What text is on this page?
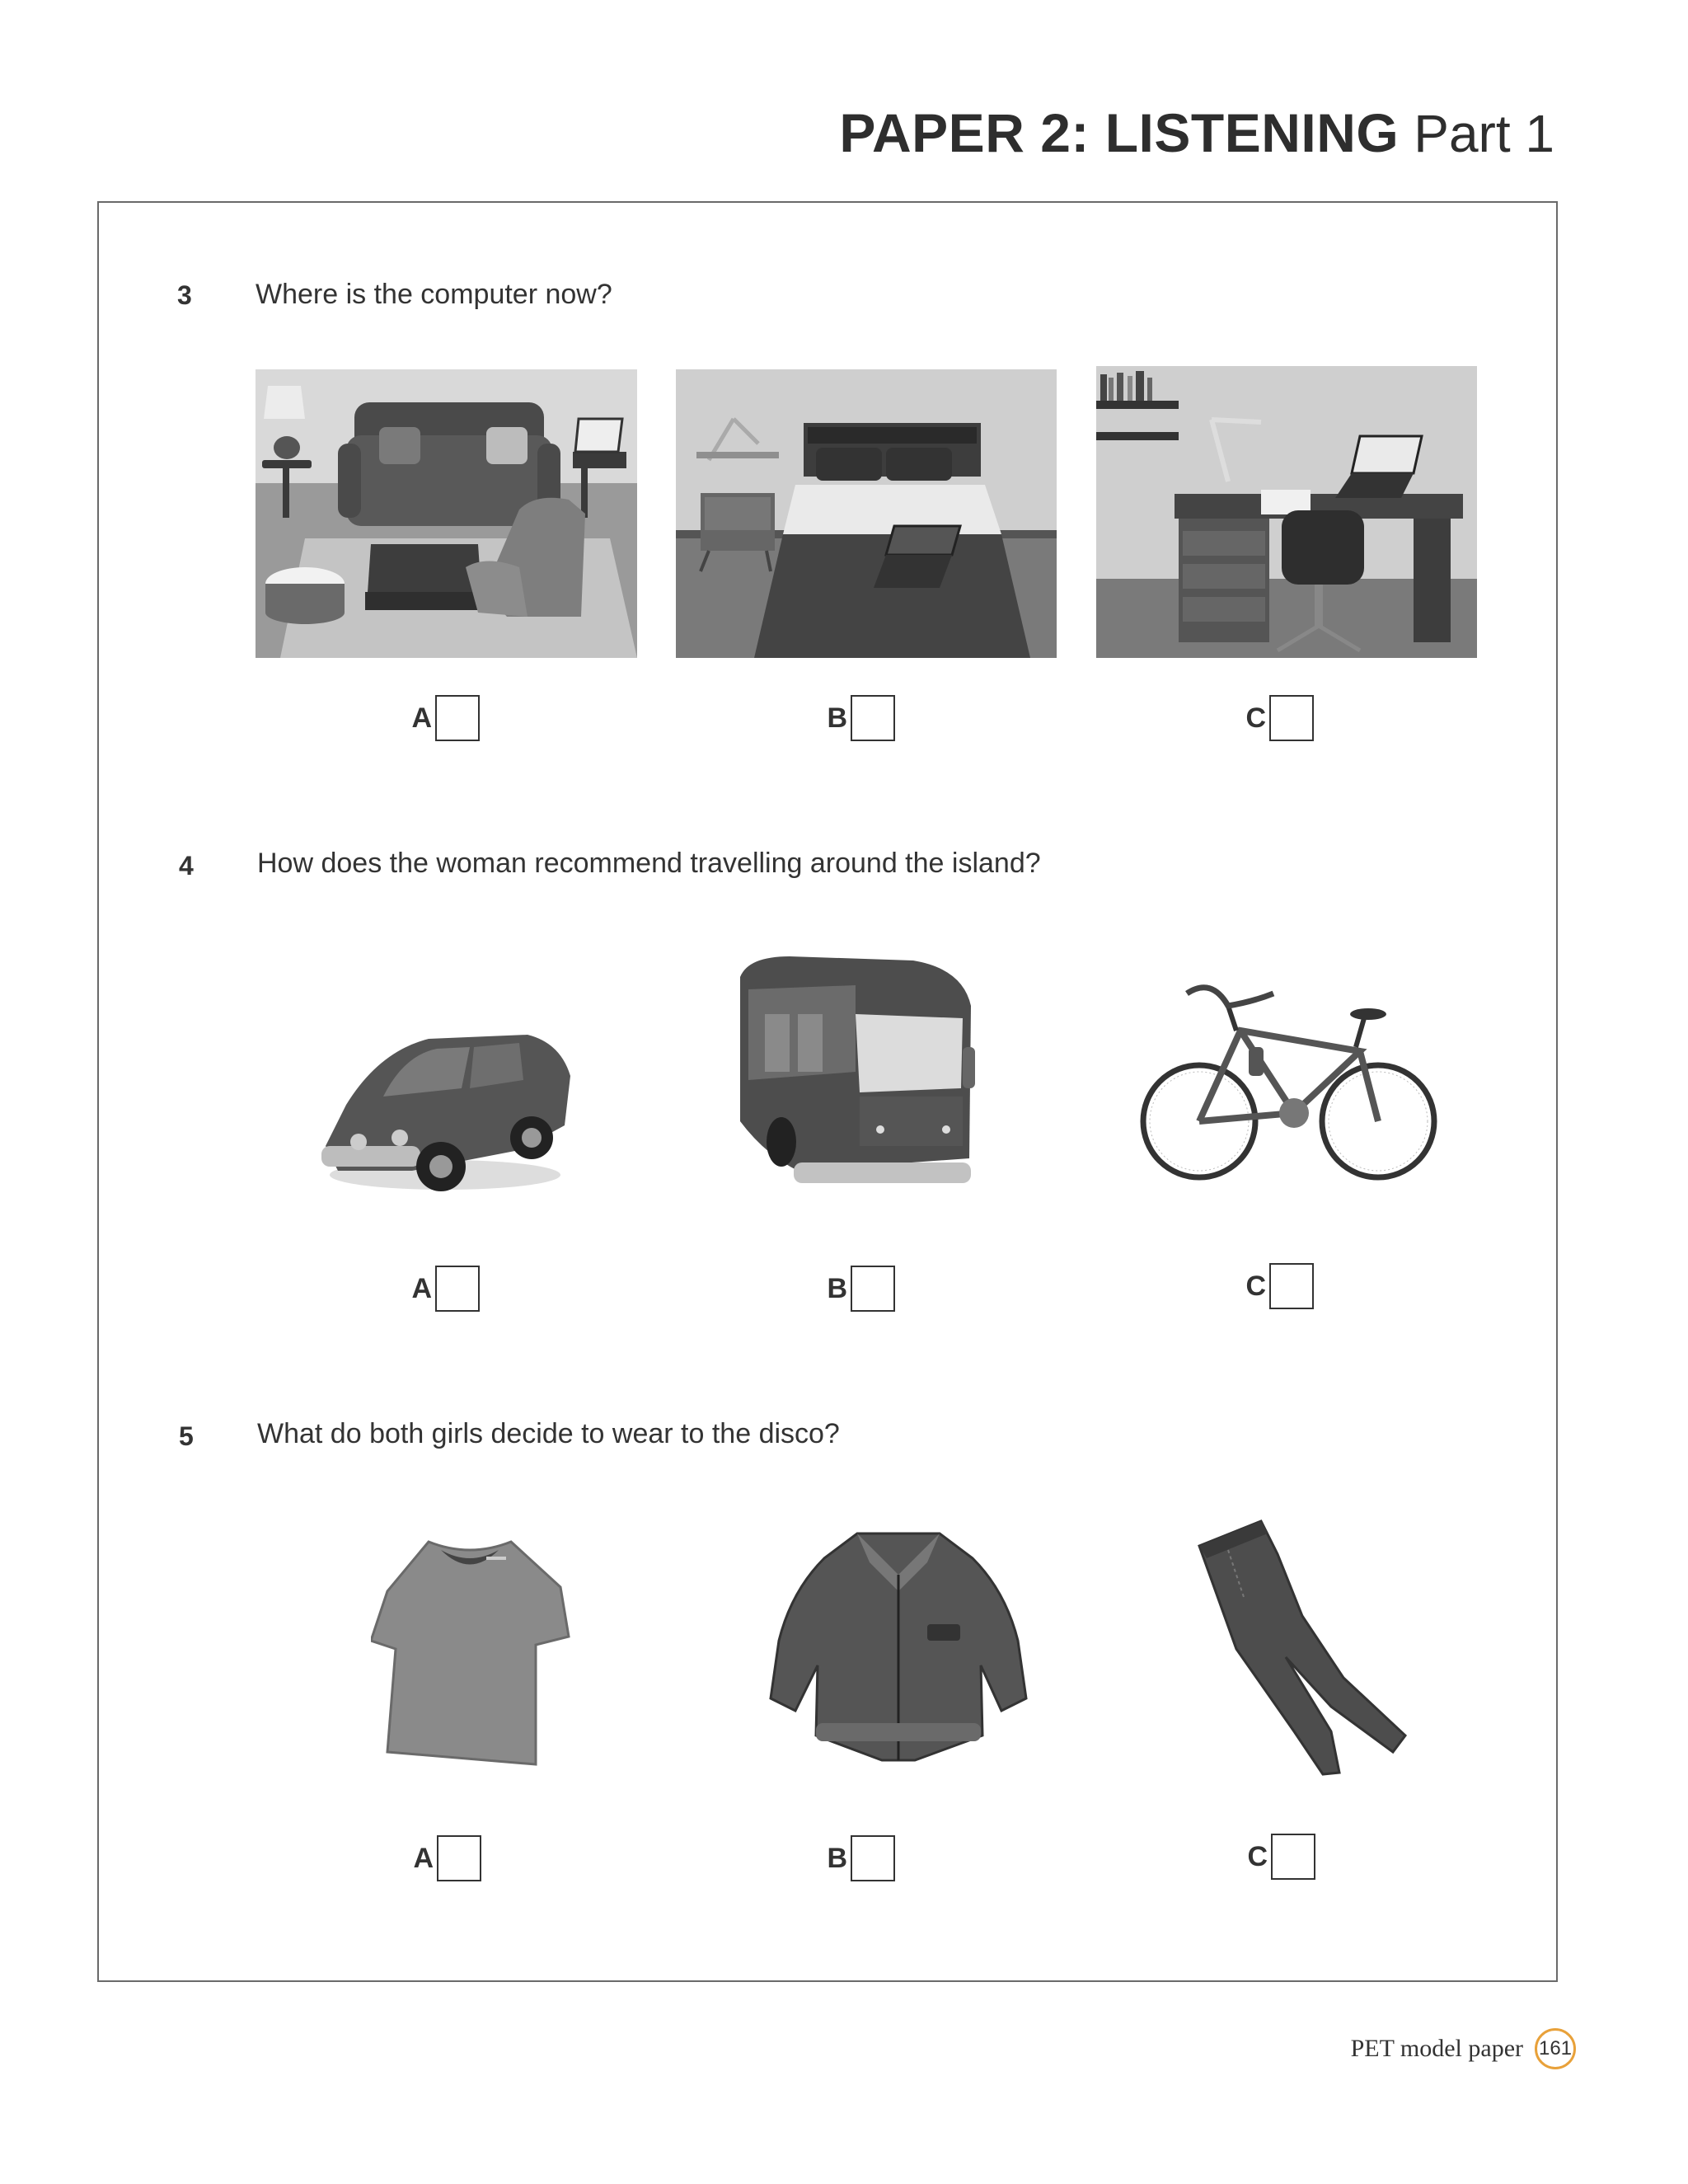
PAPER 2: LISTENING Part 1
3 Where is the computer now?
A	B	C
4 How does the woman recommend travelling around the island?
A	B	C
5 What do both girls decide to wear to the disco?
A	B	C
PET model paper 161
